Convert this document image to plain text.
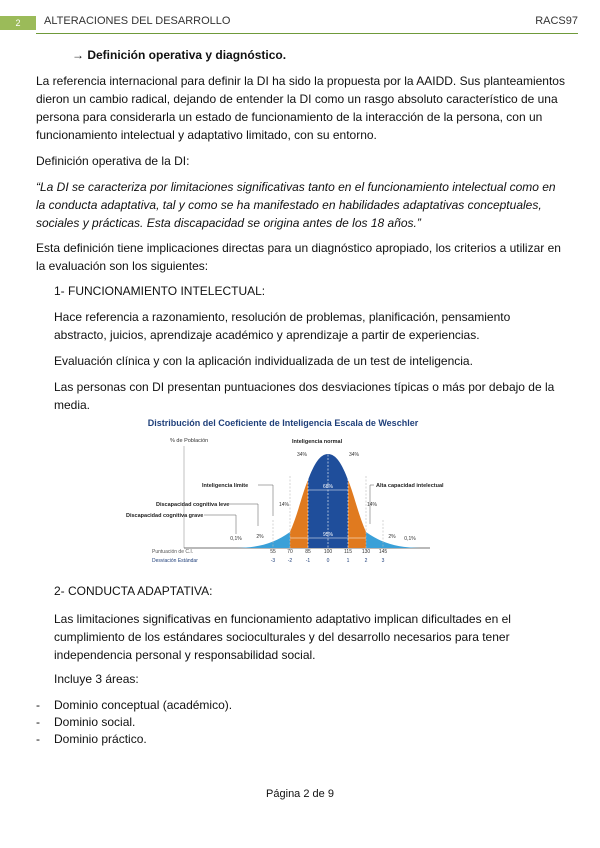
2	ALTERACIONES DEL DESARROLLO	RACS97
→ Definición operativa y diagnóstico.

La referencia internacional para definir la DI ha sido la propuesta por la AAIDD. Sus planteamientos dieron un cambio radical, dejando de entender la DI como un rasgo absoluto característico de una persona para considerarla un estado de funcionamiento de la interacción de la persona, con un funcionamiento intelectual y adaptativo limitado, con su entorno.

Definición operativa de la DI:

“La DI se caracteriza por limitaciones significativas tanto en el funcionamiento intelectual como en la conducta adaptativa, tal y como se ha manifestado en habilidades adaptativas conceptuales, sociales y prácticas. Esta discapacidad se origina antes de los 18 años.”

Esta definición tiene implicaciones directas para un diagnóstico apropiado, los criterios a utilizar en la evaluación son los siguientes:

1- FUNCIONAMIENTO INTELECTUAL:

Hace referencia a razonamiento, resolución de problemas, planificación, pensamiento abstracto, juicios, aprendizaje académico y aprendizaje a partir de experiencias.

Evaluación clínica y con la aplicación individualizada de un test de inteligencia.

Las personas con DI presentan puntuaciones dos desviaciones típicas o más por debajo de la media.

Distribución del Coeficiente de Inteligencia Escala de Weschler
% de Población
68%
95%
34%	34%
14%	14%
2%	2%
0,1%	0,1%
Inteligencia normal
Inteligencia límite	Alta capacidad intelectual
Discapacidad cognitiva leve
Discapacidad cognitiva grave
Puntuación de C.I.
Desviación Estándar
55 70 85	100 115 130 145
-3	-2	-1	0	1	2	3

2- CONDUCTA ADAPTATIVA:

Las limitaciones significativas en funcionamiento adaptativo implican dificultades en el cumplimiento de los estándares socioculturales y del desarrollo necesarios para tener independencia personal y responsabilidad social.

Incluye 3 áreas:

- Dominio conceptual (académico).
- Dominio social.
- Dominio práctico.
Página 2 de 9
